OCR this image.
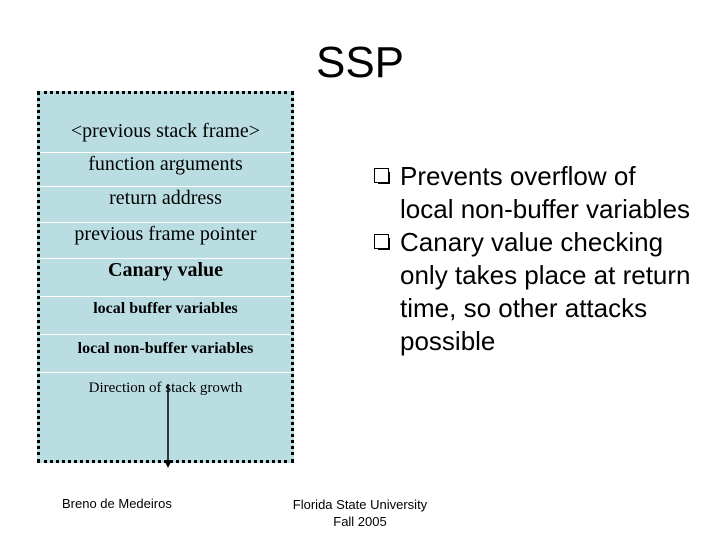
SSP
<previous stack frame>
function arguments
return address
previous frame pointer
Canary value
local buffer variables
local non-buffer variables
Direction of stack growth
Prevents overflow of local non-buffer variables
Canary value checking only takes place at return time, so other attacks possible
Breno de Medeiros	Florida State University
Fall 2005
